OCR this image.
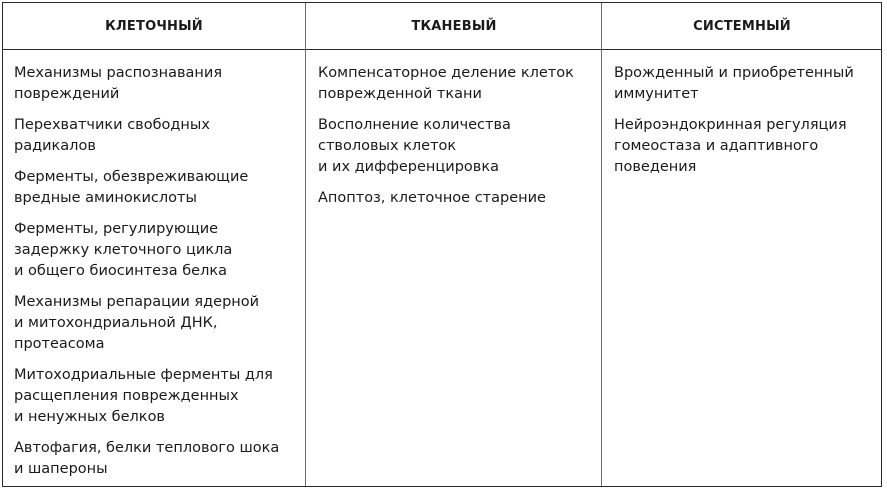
КЛЕТОЧНЫЙ
Механизмы распознавания
повреждений
Перехватчики свободных
радикалов
Ферменты, обезвреживающие
вредные аминокислоты
Ферменты, регулирующие
задержку клеточного цикла
и общего биосинтеза белка
Механизмы репарации ядерной
и митохондриальной ДНК,
протеасома
Митоходриальные ферменты для
расщепления поврежденных
и ненужных белков
Автофагия, белки теплового шока
и шапероны
ТКАНЕВЫЙ
Компенсаторное деление клеток
поврежденной ткани
Восполнение количества
стволовых клеток
и их дифференцировка
Апоптоз, клеточное старение
СИСТЕМНЫЙ
Врожденный и приобретенный
иммунитет
Нейроэндокринная регуляция
гомеостаза и адаптивного
поведения
